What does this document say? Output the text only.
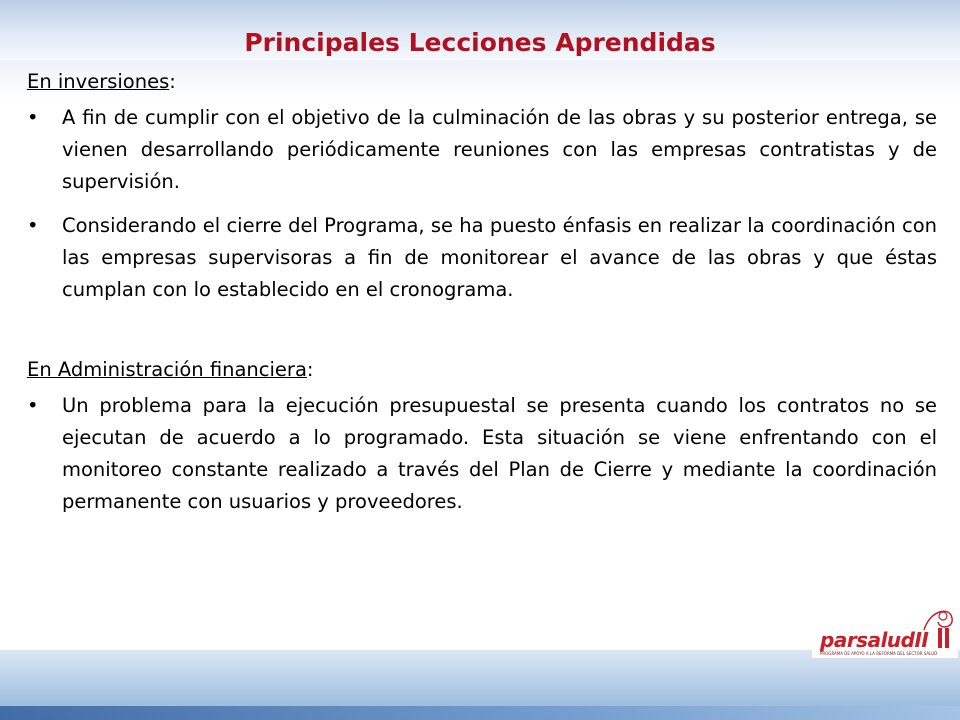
Principales Lecciones Aprendidas

En inversiones:

• A fin de cumplir con el objetivo de la culminación de las obras y su posterior entrega, se vienen desarrollando periódicamente reuniones con las empresas contratistas y de supervisión.
• Considerando el cierre del Programa, se ha puesto énfasis en realizar la coordinación con las empresas supervisoras a fin de monitorear el avance de las obras y que éstas cumplan con lo establecido en el cronograma.

En Administración financiera:

• Un problema para la ejecución presupuestal se presenta cuando los contratos no se ejecutan de acuerdo a lo programado. Esta situación se viene enfrentando con el monitoreo constante realizado a través del Plan de Cierre y mediante la coordinación permanente con usuarios y proveedores.
parsaludII
PROGRAMA DE APOYO A LA REFORMA DEL SECTOR SALUD
